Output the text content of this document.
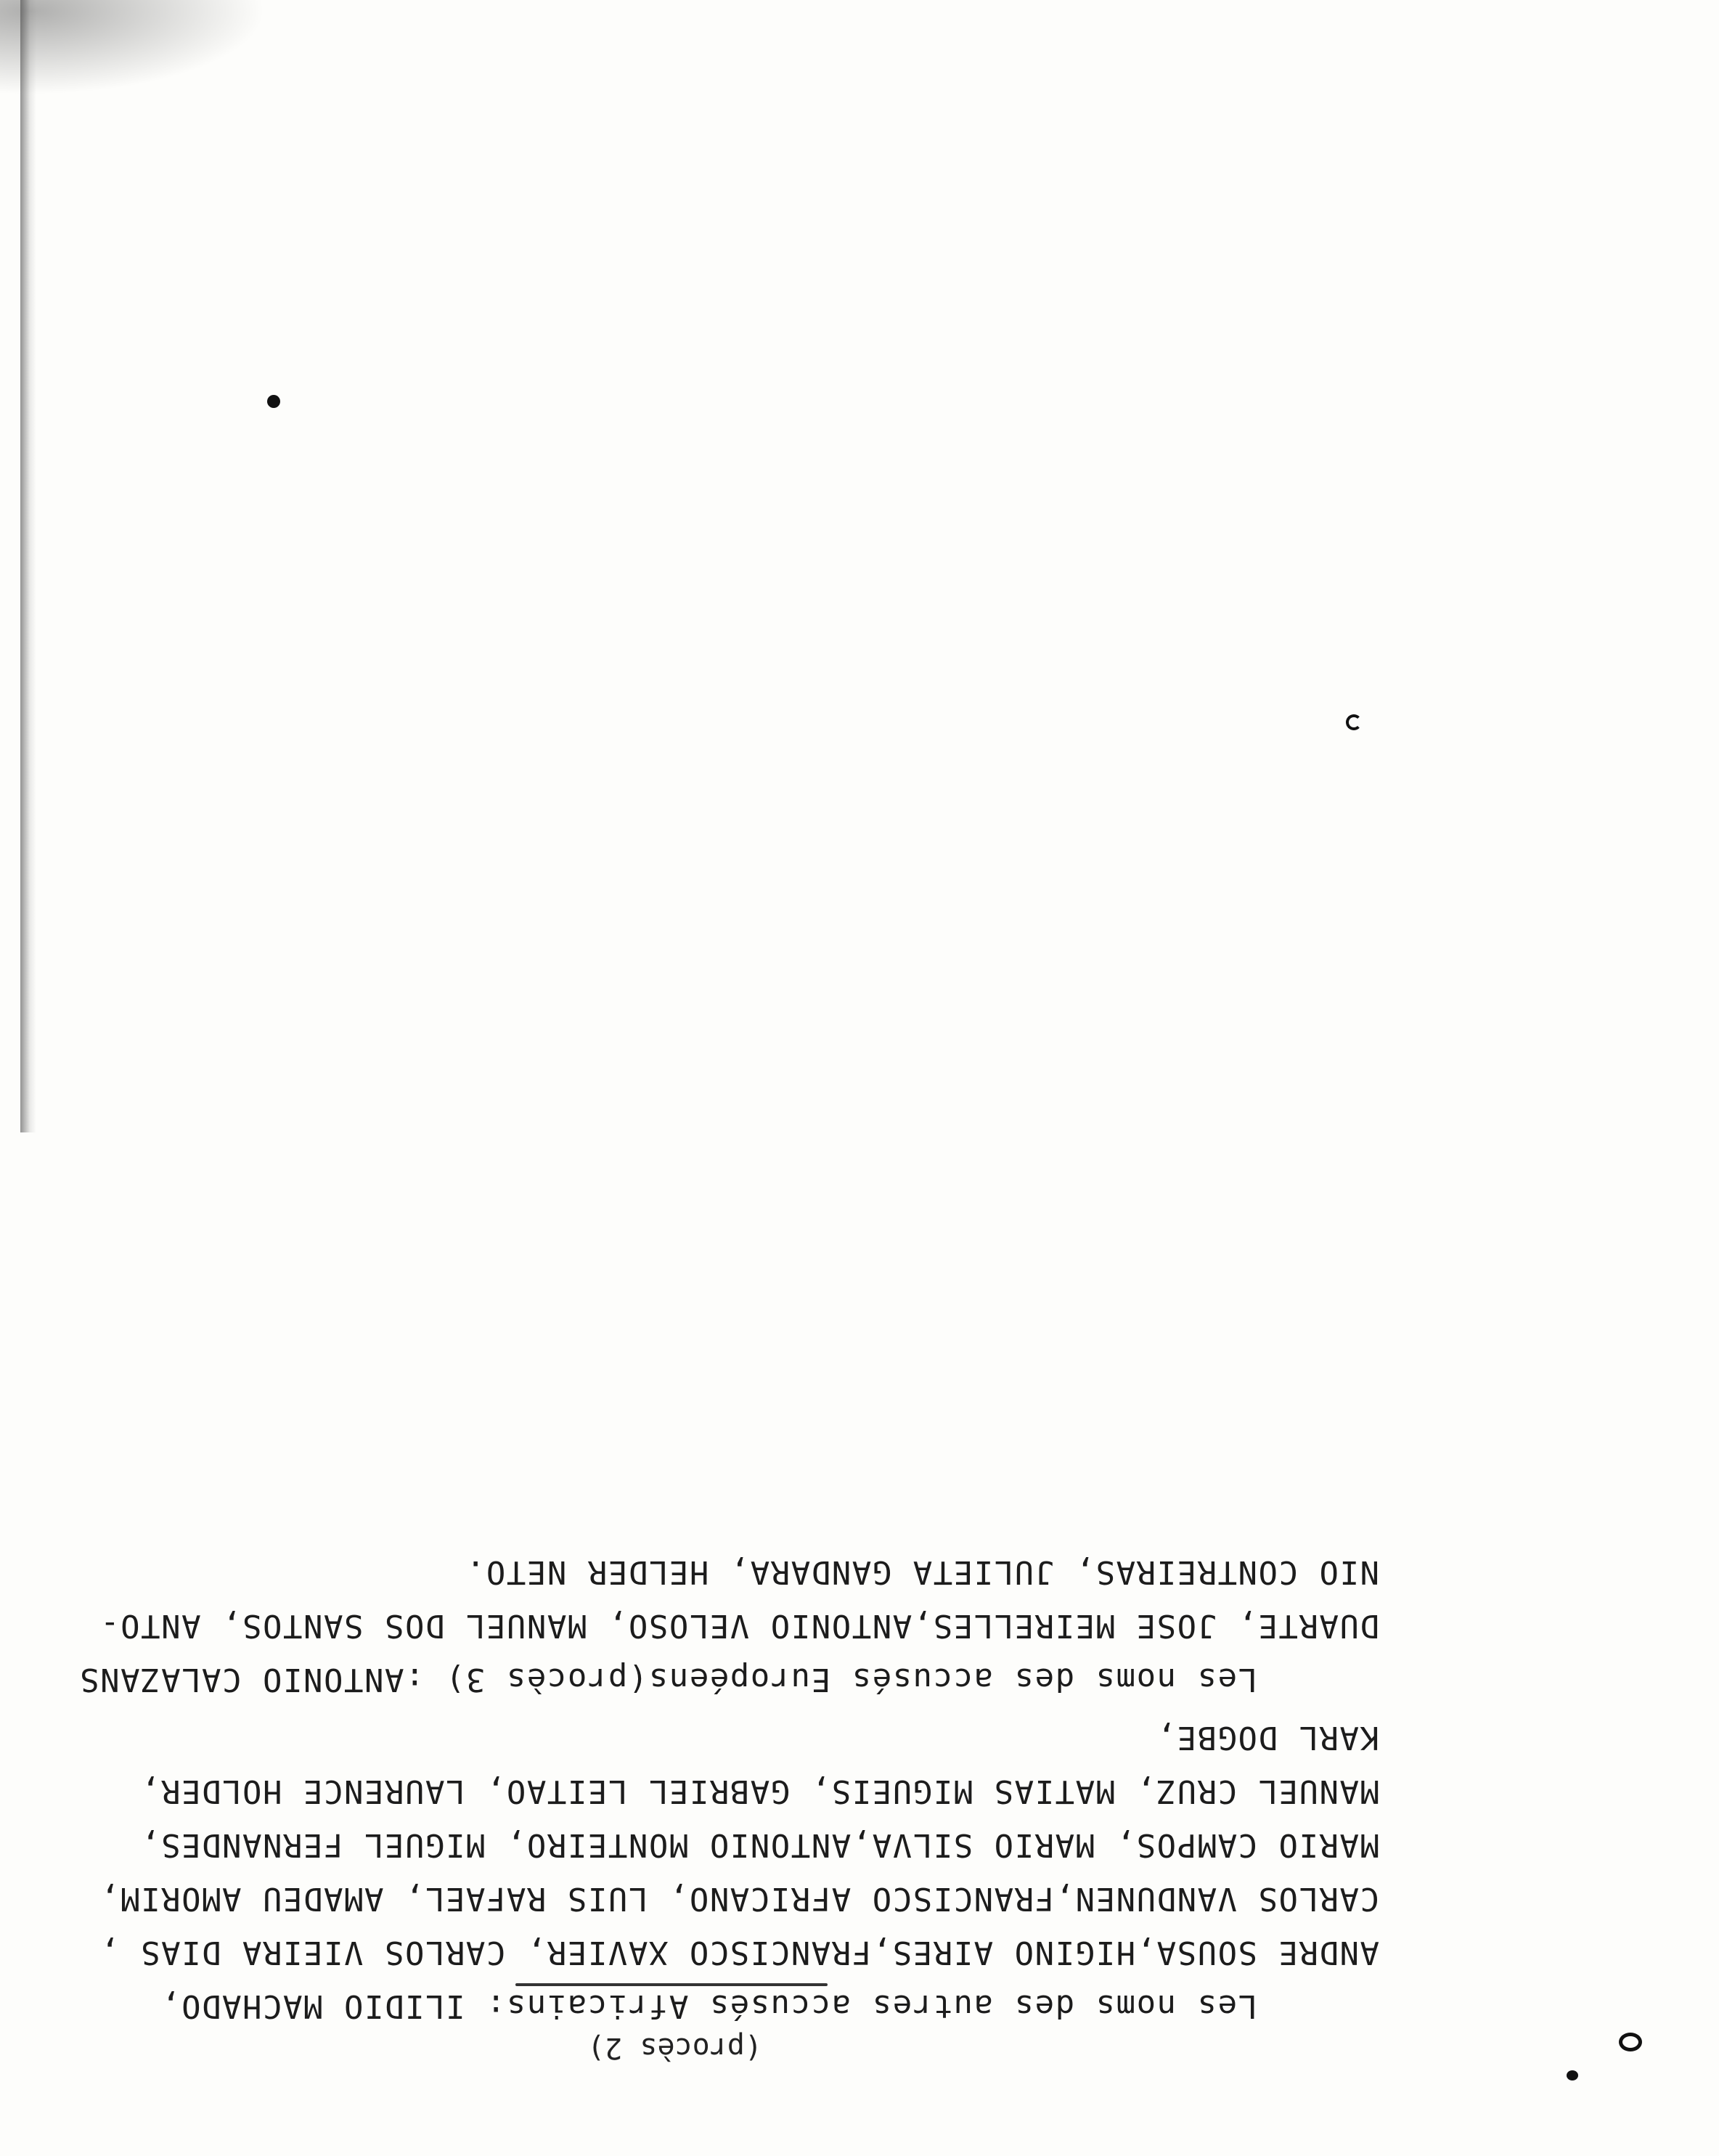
Les noms des autres accusés Africains: ILIDIO MACHADO,
ANDRE SOUSA,HIGINO AIRES,FRANCISCO XAVIER, CARLOS VIEIRA DIAS ,
CARLOS VANDUNEN,FRANCISCO AFRICANO, LUIS RAFAEL, AMADEU AMORIM,
MARIO CAMPOS, MARIO SILVA,ANTONIO MONTEIRO, MIGUEL FERNANDES,
MANUEL CRUZ, MATIAS MIGUEIS, GABRIEL LEITAO, LAURENCE HOLDER,
KARL DOGBE,
(procès 2)
Les noms des accusés Européens(procès 3) :ANTONIO CALAZANS
DUARTE, JOSE MEIRELLES,ANTONIO VELOSO, MANUEL DOS SANTOS, ANTO-
NIO CONTREIRAS, JULIETA GANDARA, HELDER NETO.
